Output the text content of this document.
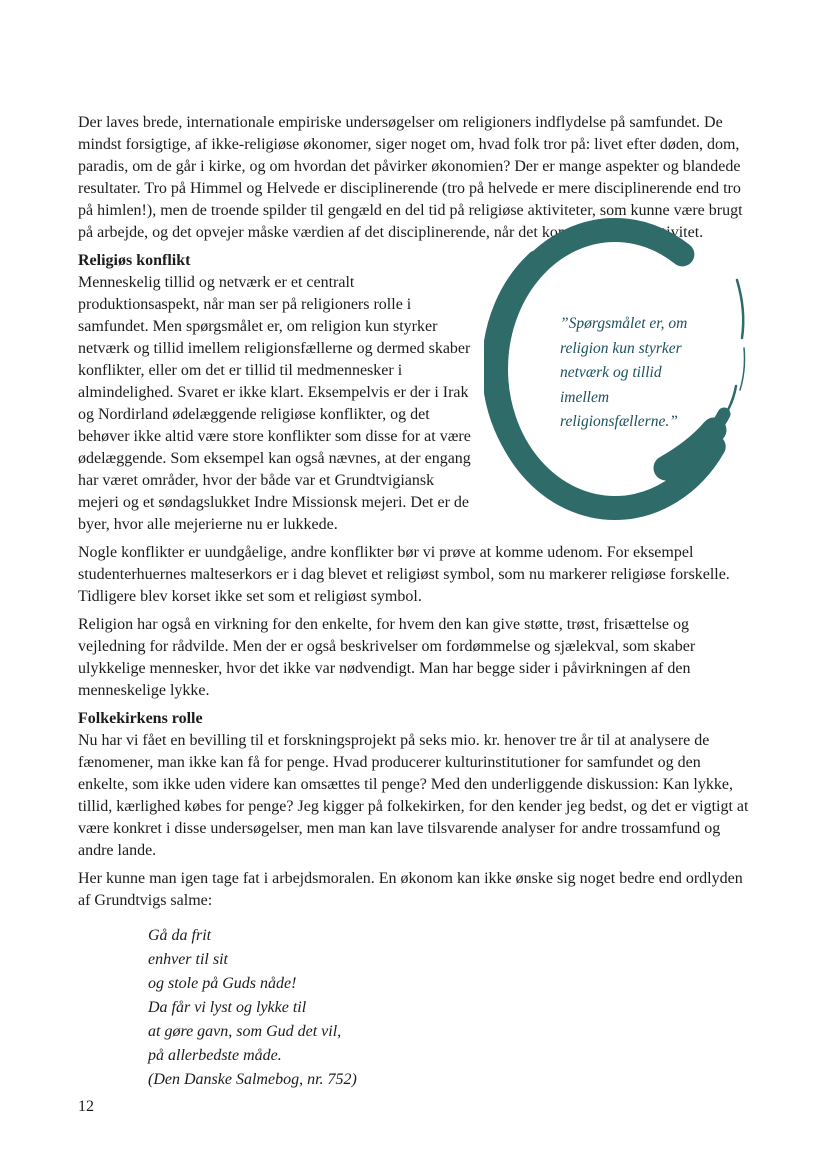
Der laves brede, internationale empiriske undersøgelser om religioners indflydelse på samfundet. De mindst forsigtige, af ikke-religiøse økonomer, siger noget om, hvad folk tror på: livet efter døden, dom, paradis, om de går i kirke, og om hvordan det påvirker økonomien? Der er mange aspekter og blandede resultater. Tro på Himmel og Helvede er disciplinerende (tro på helvede er mere disciplinerende end tro på himlen!), men de troende spilder til gengæld en del tid på religiøse aktiviteter, som kunne være brugt på arbejde, og det opvejer måske værdien af det disciplinerende, når det kommer til produktivitet.

”Spørgsmålet er, om
religion kun styrker
netværk og tillid
imellem
religionsfællerne.”
Religiøs konflikt

Menneskelig tillid og netværk er et centralt produktionsaspekt, når man ser på religioners rolle i samfundet. Men spørgsmålet er, om religion kun styrker netværk og tillid imellem religionsfællerne og dermed skaber konflikter, eller om det er tillid til medmennesker i almindelighed. Svaret er ikke klart. Eksempelvis er der i Irak og Nordirland ødelæggende religiøse konflikter, og det behøver ikke altid være store konflikter som disse for at være ødelæggende. Som eksempel kan også nævnes, at der engang har været områder, hvor der både var et Grundtvigiansk mejeri og et søndagslukket Indre Missionsk mejeri. Det er de byer, hvor alle mejerierne nu er lukkede.

Nogle konflikter er uundgåelige, andre konflikter bør vi prøve at komme udenom. For eksempel studenterhuernes malteserkors er i dag blevet et religiøst symbol, som nu markerer religiøse forskelle. Tidligere blev korset ikke set som et religiøst symbol.

Religion har også en virkning for den enkelte, for hvem den kan give støtte, trøst, frisættelse og vejledning for rådvilde. Men der er også beskrivelser om fordømmelse og sjælekval, som skaber ulykkelige mennesker, hvor det ikke var nødvendigt. Man har begge sider i påvirkningen af den menneskelige lykke.

Folkekirkens rolle

Nu har vi fået en bevilling til et forskningsprojekt på seks mio. kr. henover tre år til at analysere de fænomener, man ikke kan få for penge. Hvad producerer kulturinstitutioner for samfundet og den enkelte, som ikke uden videre kan omsættes til penge? Med den underliggende diskussion: Kan lykke, tillid, kærlighed købes for penge? Jeg kigger på folkekirken, for den kender jeg bedst, og det er vigtigt at være konkret i disse undersøgelser, men man kan lave tilsvarende analyser for andre trossamfund og andre lande.

Her kunne man igen tage fat i arbejdsmoralen. En økonom kan ikke ønske sig noget bedre end ordlyden af Grundtvigs salme:

Gå da frit
enhver til sit
og stole på Guds nåde!
Da får vi lyst og lykke til
at gøre gavn, som Gud det vil,
på allerbedste måde.
(Den Danske Salmebog, nr. 752)
12
